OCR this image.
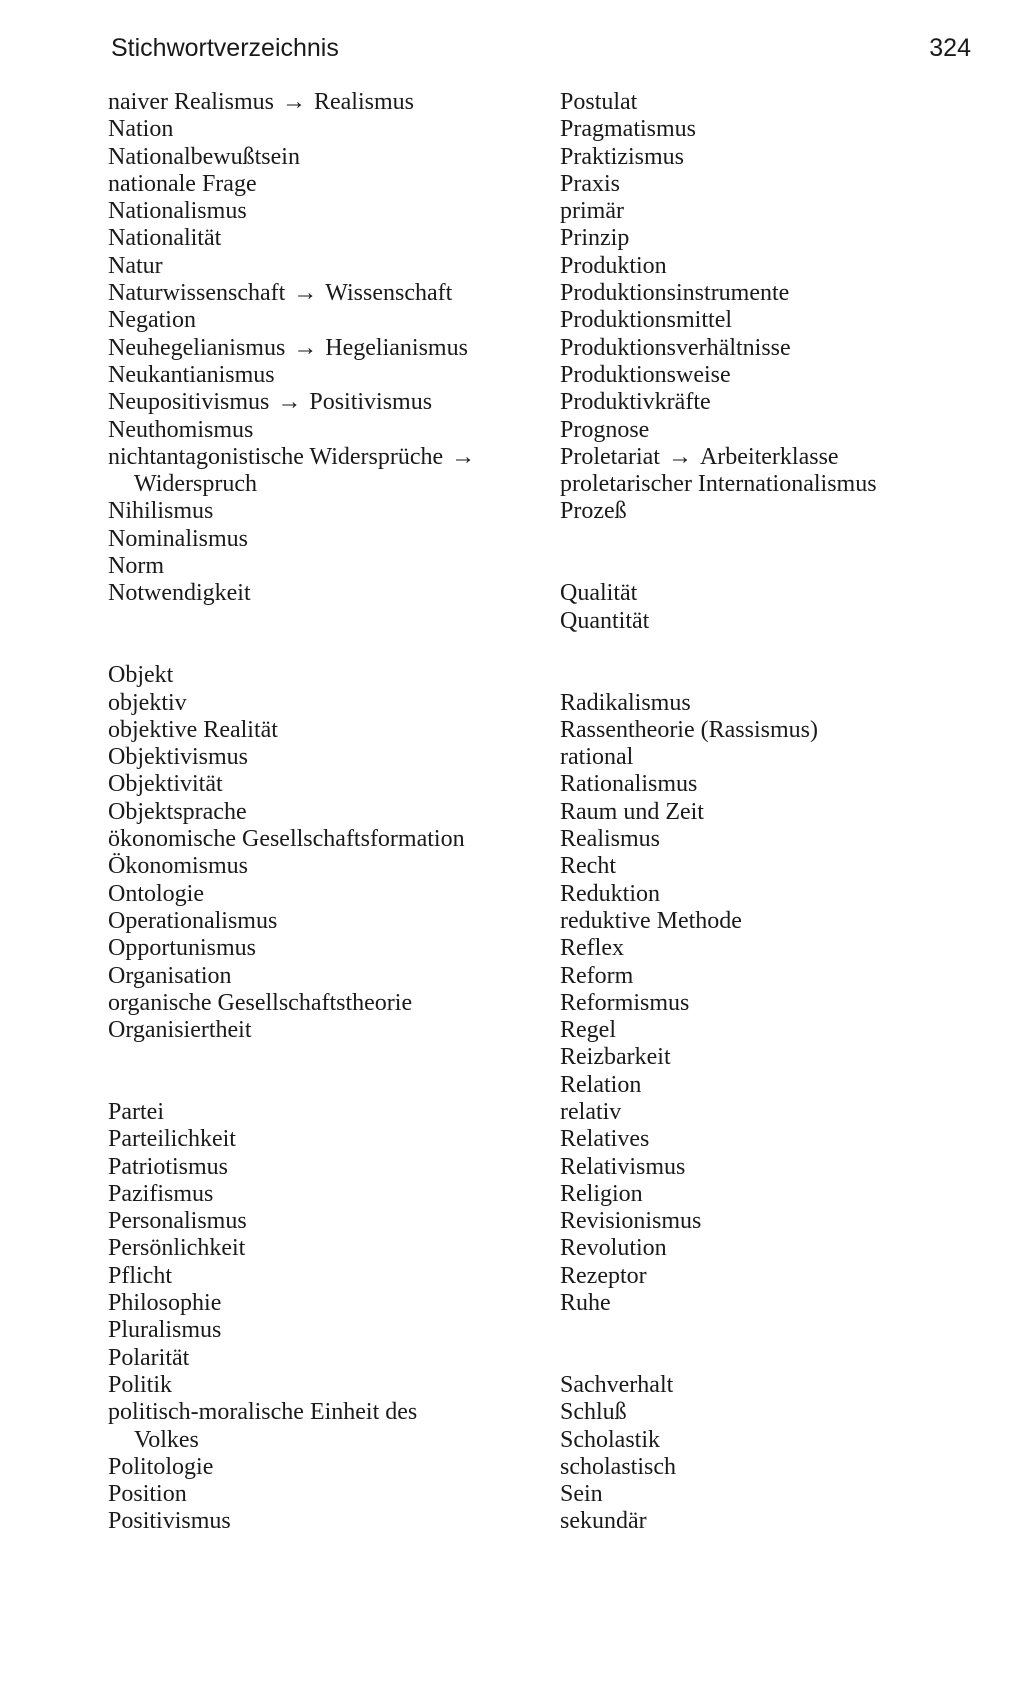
Stichwortverzeichnis	324
naiver Realismus → Realismus
Nation
Nationalbewußtsein
nationale Frage
Nationalismus
Nationalität
Natur
Naturwissenschaft → Wissenschaft
Negation
Neuhegelianismus → Hegelianismus
Neukantianismus
Neupositivismus → Positivismus
Neuthomismus
nichtantagonistische Widersprüche →
Widerspruch
Nihilismus
Nominalismus
Norm
Notwendigkeit
Objekt
objektiv
objektive Realität
Objektivismus
Objektivität
Objektsprache
ökonomische Gesellschaftsformation
Ökonomismus
Ontologie
Operationalismus
Opportunismus
Organisation
organische Gesellschaftstheorie
Organisiertheit
Partei
Parteilichkeit
Patriotismus
Pazifismus
Personalismus
Persönlichkeit
Pflicht
Philosophie
Pluralismus
Polarität
Politik
politisch-moralische Einheit des
Volkes
Politologie
Position
Positivismus
Postulat
Pragmatismus
Praktizismus
Praxis
primär
Prinzip
Produktion
Produktionsinstrumente
Produktionsmittel
Produktionsverhältnisse
Produktionsweise
Produktivkräfte
Prognose
Proletariat → Arbeiterklasse
proletarischer Internationalismus
Prozeß
Qualität
Quantität
Radikalismus
Rassentheorie (Rassismus)
rational
Rationalismus
Raum und Zeit
Realismus
Recht
Reduktion
reduktive Methode
Reflex
Reform
Reformismus
Regel
Reizbarkeit
Relation
relativ
Relatives
Relativismus
Religion
Revisionismus
Revolution
Rezeptor
Ruhe
Sachverhalt
Schluß
Scholastik
scholastisch
Sein
sekundär
